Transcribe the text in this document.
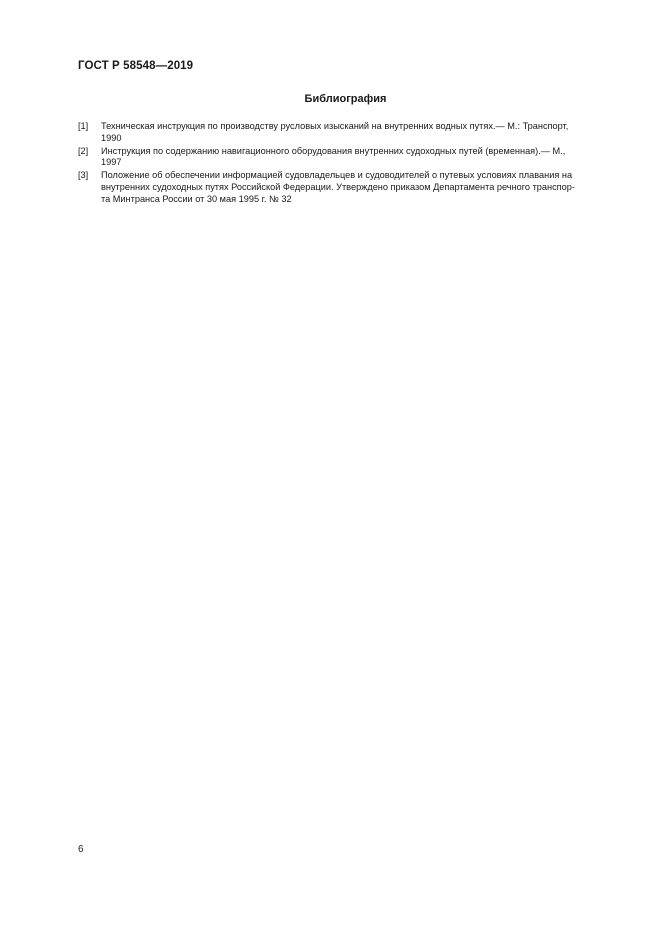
ГОСТ Р 58548—2019
Библиография
[1]	Техническая инструкция по производству русловых изысканий на внутренних водных путях.— М.: Транспорт,
1990
[2]	Инструкция по содержанию навигационного оборудования внутренних судоходных путей (временная).— М.,
1997
[3]	Положение об обеспечении информацией судовладельцев и судоводителей о путевых условиях плавания на
внутренних судоходных путях Российской Федерации. Утверждено приказом Департамента речного транспор-
та Минтранса России от 30 мая 1995 г. № 32

6
